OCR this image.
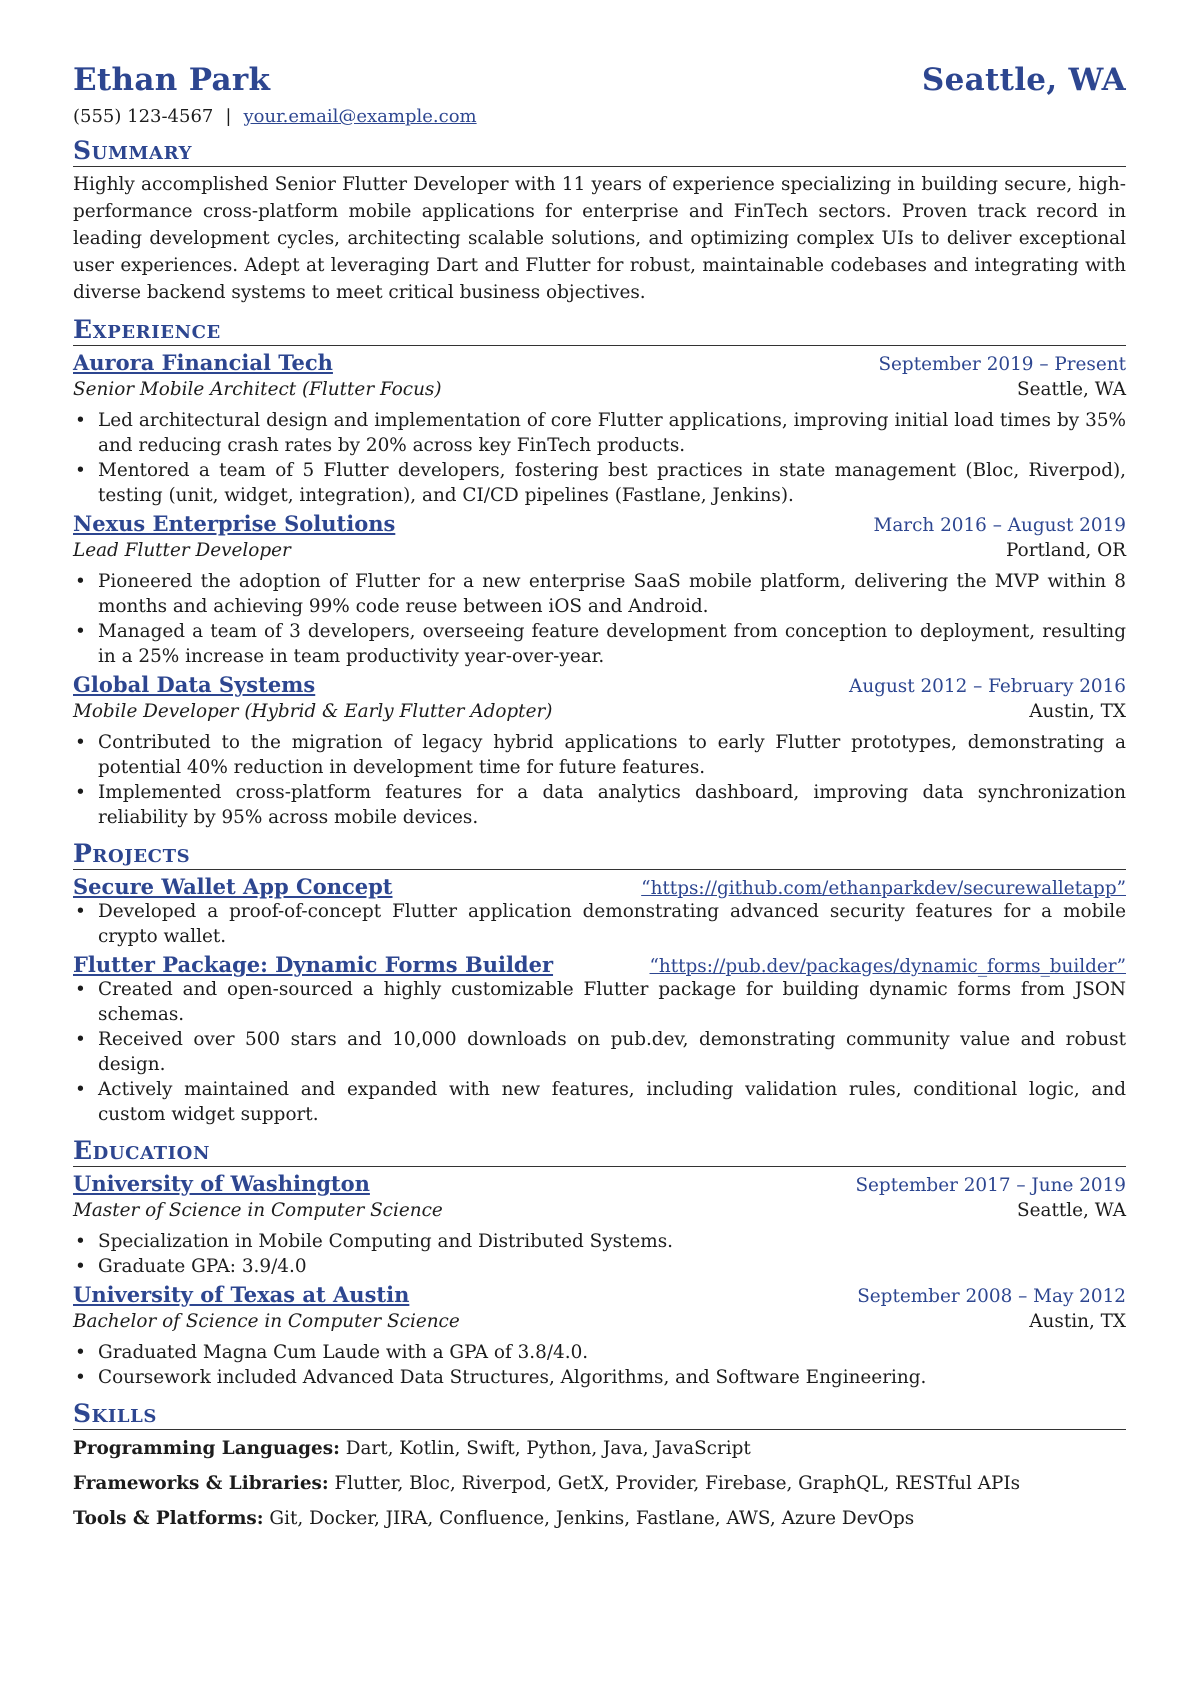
Ethan Park	Seattle, WA
(555) 123-4567 | your.email@example.com
Summary
Highly accomplished Senior Flutter Developer with 11 years of experience specializing in building secure, high-performance cross-platform mobile applications for enterprise and FinTech sectors. Proven track record in leading development cycles, architecting scalable solutions, and optimizing complex UIs to deliver exceptional user experiences. Adept at leveraging Dart and Flutter for robust, maintainable codebases and integrating with diverse backend systems to meet critical business objectives.
Experience
Aurora Financial Tech	September 2019 – Present
Senior Mobile Architect (Flutter Focus)	Seattle, WA
• Led architectural design and implementation of core Flutter applications, improving initial load times by 35% and reducing crash rates by 20% across key FinTech products.
• Mentored a team of 5 Flutter developers, fostering best practices in state management (Bloc, Riverpod), testing (unit, widget, integration), and CI/CD pipelines (Fastlane, Jenkins).
Nexus Enterprise Solutions	March 2016 – August 2019
Lead Flutter Developer	Portland, OR
• Pioneered the adoption of Flutter for a new enterprise SaaS mobile platform, delivering the MVP within 8 months and achieving 99% code reuse between iOS and Android.
• Managed a team of 3 developers, overseeing feature development from conception to deployment, resulting in a 25% increase in team productivity year-over-year.
Global Data Systems	August 2012 – February 2016
Mobile Developer (Hybrid & Early Flutter Adopter)	Austin, TX
• Contributed to the migration of legacy hybrid applications to early Flutter prototypes, demonstrating a potential 40% reduction in development time for future features.
• Implemented cross-platform features for a data analytics dashboard, improving data synchronization reliability by 95% across mobile devices.
Projects
Secure Wallet App Concept	“https://github.com/ethanparkdev/securewalletapp”
• Developed a proof-of-concept Flutter application demonstrating advanced security features for a mobile crypto wallet.
Flutter Package: Dynamic Forms Builder	“https://pub.dev/packages/dynamic_forms_builder”
• Created and open-sourced a highly customizable Flutter package for building dynamic forms from JSON schemas.
• Received over 500 stars and 10,000 downloads on pub.dev, demonstrating community value and robust design.
• Actively maintained and expanded with new features, including validation rules, conditional logic, and custom widget support.
Education
University of Washington	September 2017 – June 2019
Master of Science in Computer Science	Seattle, WA
• Specialization in Mobile Computing and Distributed Systems.
• Graduate GPA: 3.9/4.0
University of Texas at Austin	September 2008 – May 2012
Bachelor of Science in Computer Science	Austin, TX
• Graduated Magna Cum Laude with a GPA of 3.8/4.0.
• Coursework included Advanced Data Structures, Algorithms, and Software Engineering.
Skills
Programming Languages: Dart, Kotlin, Swift, Python, Java, JavaScript
Frameworks & Libraries: Flutter, Bloc, Riverpod, GetX, Provider, Firebase, GraphQL, RESTful APIs
Tools & Platforms: Git, Docker, JIRA, Confluence, Jenkins, Fastlane, AWS, Azure DevOps
